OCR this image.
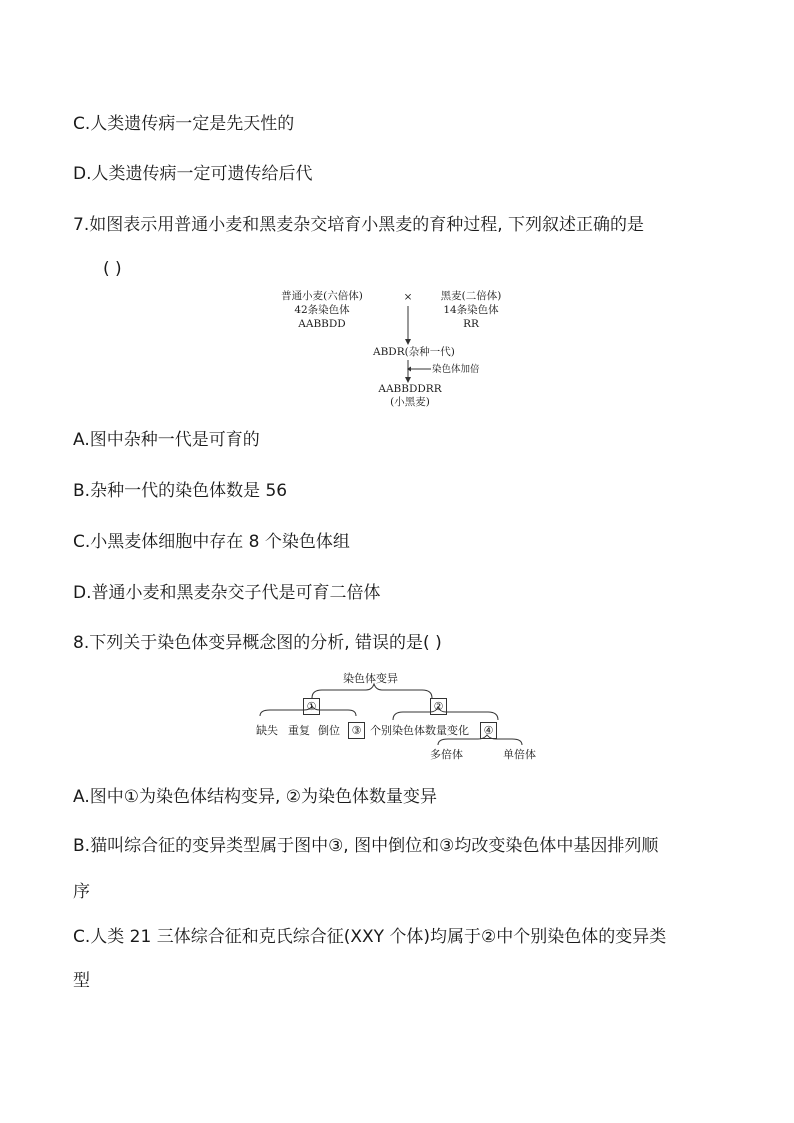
C.人类遗传病一定是先天性的
D.人类遗传病一定可遗传给后代
7.如图表示用普通小麦和黑麦杂交培育小黑麦的育种过程, 下列叙述正确的是
( )
普通小麦(六倍体)
42条染色体
AABBDD
×	黑麦(二倍体)
14条染色体
RR
ABDR(杂种一代)
染色体加倍
AABBDDRR
(小黑麦)
A.图中杂种一代是可育的
B.杂种一代的染色体数是 56
C.小黑麦体细胞中存在 8 个染色体组
D.普通小麦和黑麦杂交子代是可育二倍体
8.下列关于染色体变异概念图的分析, 错误的是( )
染色体变异
①	②
缺失 重复 倒位	③ 个别染色体数量变化	④
多倍体	单倍体
A.图中①为染色体结构变异, ②为染色体数量变异
B.猫叫综合征的变异类型属于图中③, 图中倒位和③均改变染色体中基因排列顺
序
C.人类 21 三体综合征和克氏综合征(XXY 个体)均属于②中个别染色体的变异类
型
